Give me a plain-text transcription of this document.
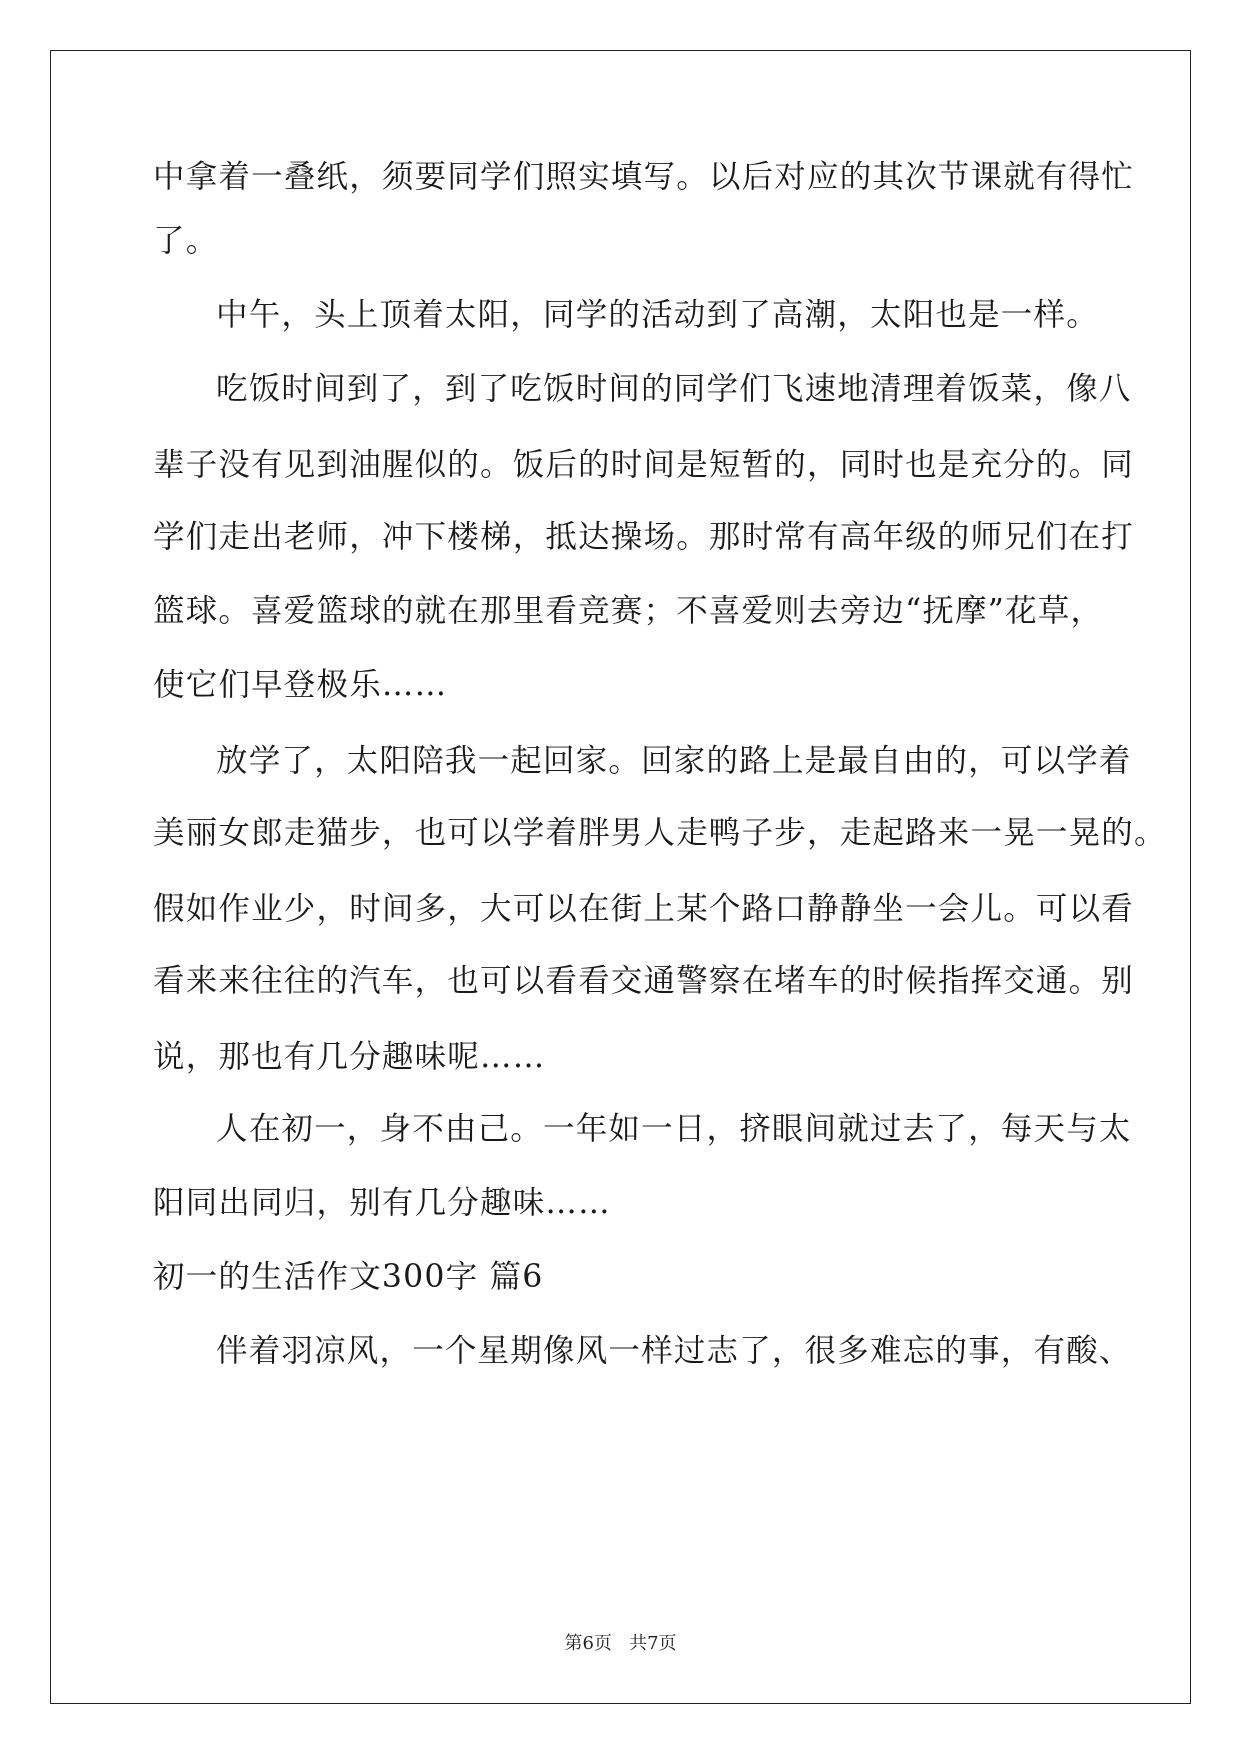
中拿着一叠纸，须要同学们照实填写。以后对应的其次节课就有得忙
了。
中午，头上顶着太阳，同学的活动到了高潮，太阳也是一样。
吃饭时间到了，到了吃饭时间的同学们飞速地清理着饭菜，像八
辈子没有见到油腥似的。饭后的时间是短暂的，同时也是充分的。同
学们走出老师，冲下楼梯，抵达操场。那时常有高年级的师兄们在打
篮球。喜爱篮球的就在那里看竞赛；不喜爱则去旁边“抚摩”花草，
使它们早登极乐……
放学了，太阳陪我一起回家。回家的路上是最自由的，可以学着
美丽女郎走猫步，也可以学着胖男人走鸭子步，走起路来一晃一晃的。
假如作业少，时间多，大可以在街上某个路口静静坐一会儿。可以看
看来来往往的汽车，也可以看看交通警察在堵车的时候指挥交通。别
说，那也有几分趣味呢……
人在初一，身不由己。一年如一日，挤眼间就过去了，每天与太
阳同出同归，别有几分趣味……
初一的生活作文300字 篇6
伴着羽凉风，一个星期像风一样过志了，很多难忘的事，有酸、
第6页 共7页
